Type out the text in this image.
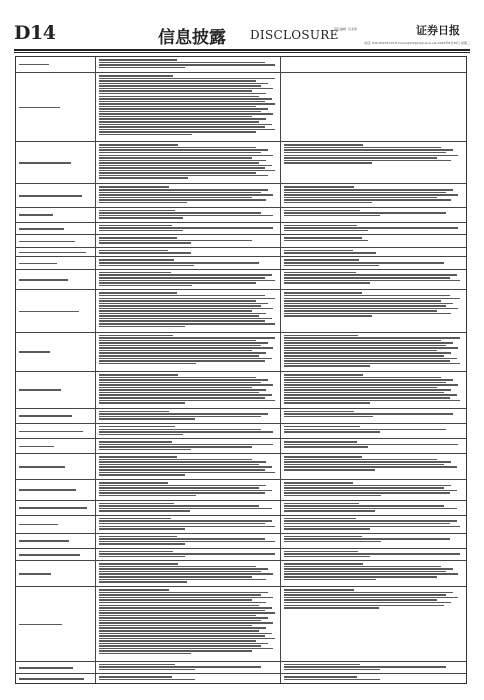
D14	信息披露 DISCLOSURE
责任编辑: 吕龙珠	证券日报
电话: 010-83251716 E-mail:zqrb9@zqrb.sina.net 2023年8月30日 星期三
